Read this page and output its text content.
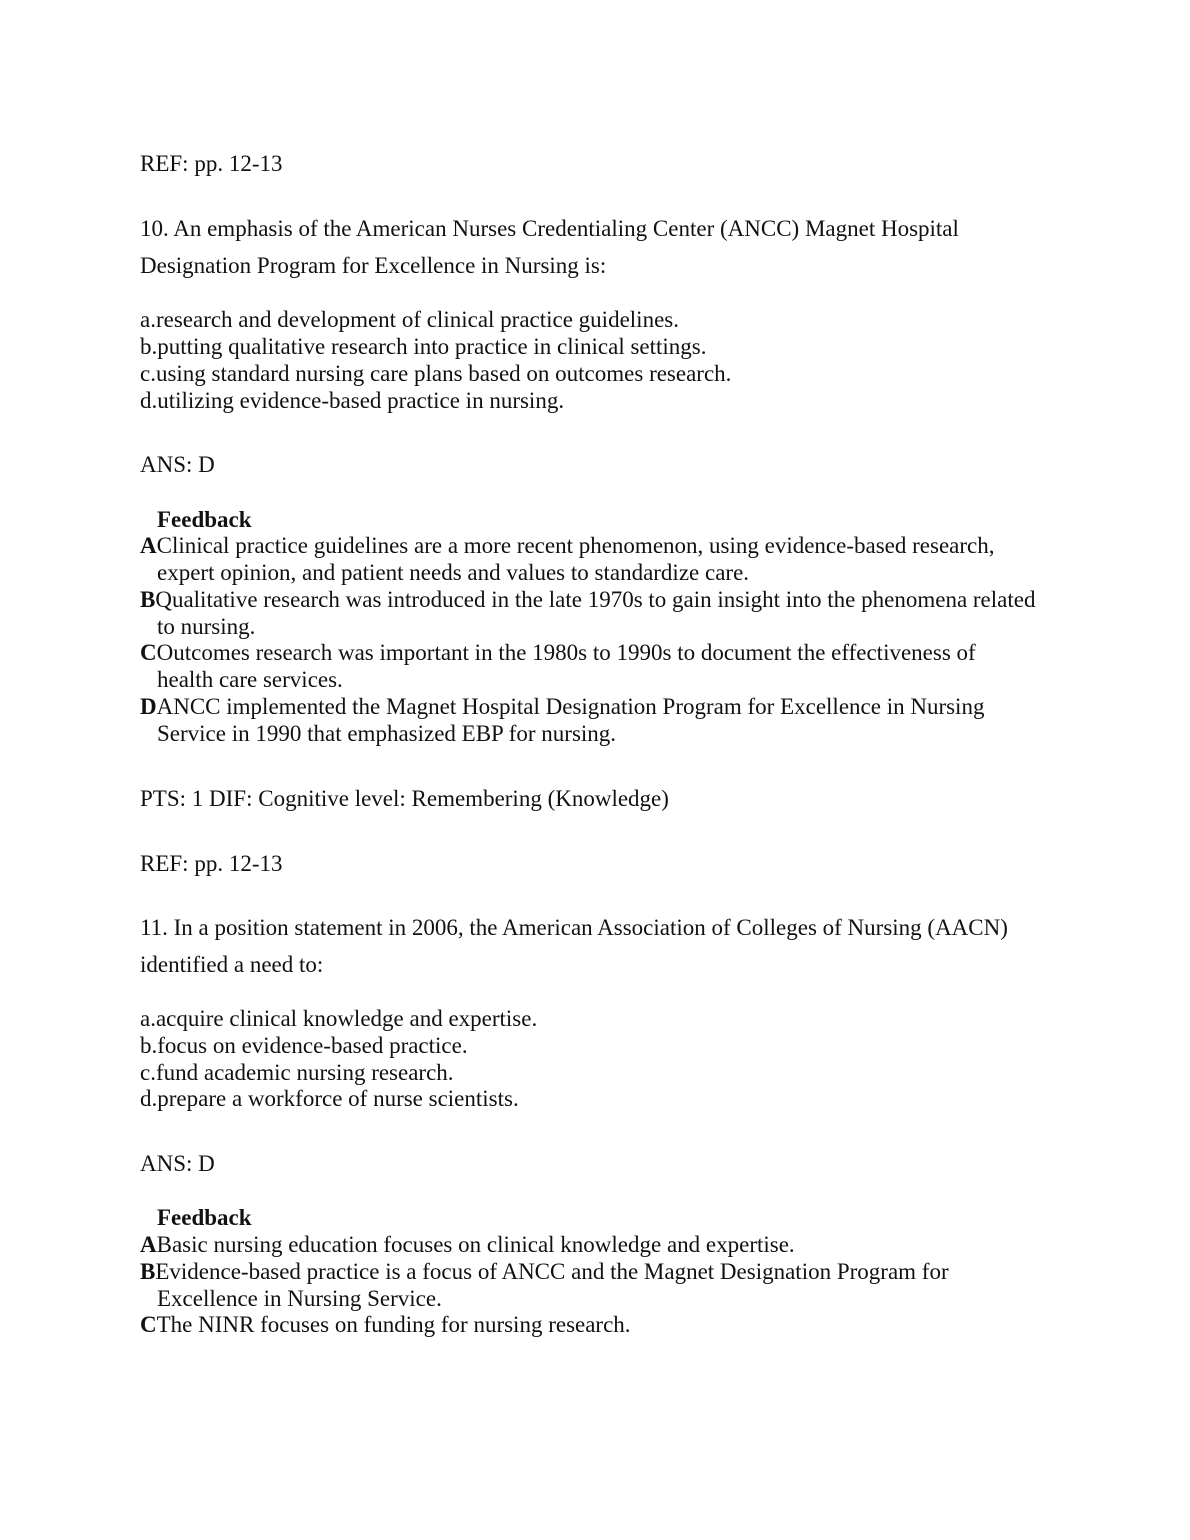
REF: pp. 12-13
10. An emphasis of the American Nurses Credentialing Center (ANCC) Magnet Hospital
Designation Program for Excellence in Nursing is:
a.research and development of clinical practice guidelines.
b.putting qualitative research into practice in clinical settings.
c.using standard nursing care plans based on outcomes research.
d.utilizing evidence-based practice in nursing.
ANS: D
Feedback
AClinical practice guidelines are a more recent phenomenon, using evidence-based research,
expert opinion, and patient needs and values to standardize care.
BQualitative research was introduced in the late 1970s to gain insight into the phenomena related
to nursing.
COutcomes research was important in the 1980s to 1990s to document the effectiveness of
health care services.
DANCC implemented the Magnet Hospital Designation Program for Excellence in Nursing
Service in 1990 that emphasized EBP for nursing.
PTS: 1 DIF: Cognitive level: Remembering (Knowledge)
REF: pp. 12-13
11. In a position statement in 2006, the American Association of Colleges of Nursing (AACN)
identified a need to:
a.acquire clinical knowledge and expertise.
b.focus on evidence-based practice.
c.fund academic nursing research.
d.prepare a workforce of nurse scientists.
ANS: D
Feedback
ABasic nursing education focuses on clinical knowledge and expertise.
BEvidence-based practice is a focus of ANCC and the Magnet Designation Program for
Excellence in Nursing Service.
CThe NINR focuses on funding for nursing research.
